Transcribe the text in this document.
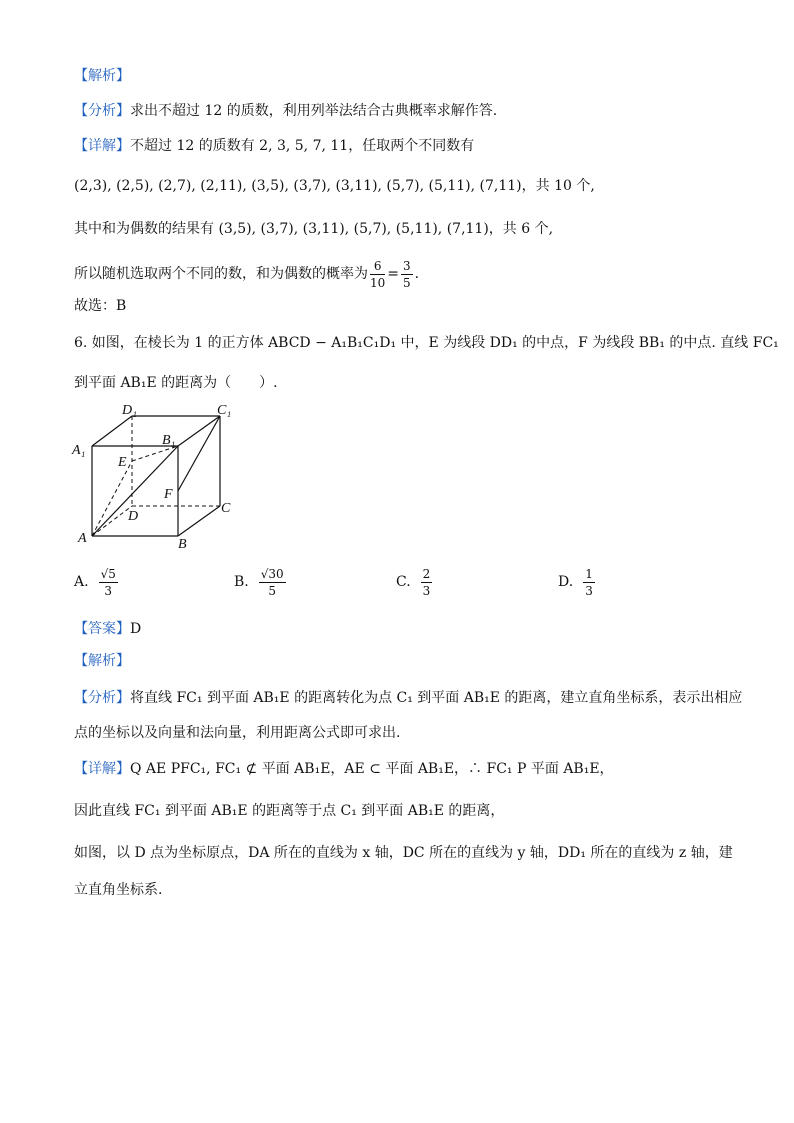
【解析】
【分析】求出不超过 12 的质数，利用列举法结合古典概率求解作答.
【详解】不超过 12 的质数有 2, 3, 5, 7, 11，任取两个不同数有
(2,3), (2,5), (2,7), (2,11), (3,5), (3,7), (3,11), (5,7), (5,11), (7,11)，共 10 个,
其中和为偶数的结果有 (3,5), (3,7), (3,11), (5,7), (5,11), (7,11)，共 6 个,
所以随机选取两个不同的数，和为偶数的概率为 $\frac{6}{10} = \frac{3}{5}$ .
故选：B
6. 如图，在棱长为 1 的正方体 ABCD − A₁B₁C₁D₁ 中，E 为线段 DD₁ 的中点，F 为线段 BB₁ 的中点. 直线 FC₁
到平面 AB₁E 的距离为（　　）.
D₁	C₁
A₁
B₁
E
F
D
C
A	B
A. $\frac{√5}{3}$	B. $\frac{√30}{5}$	C. $\frac{2}{3}$	D. $\frac{1}{3}$
【答案】D
【解析】
【分析】将直线 FC₁ 到平面 AB₁E 的距离转化为点 C₁ 到平面 AB₁E 的距离，建立直角坐标系，表示出相应
点的坐标以及向量和法向量，利用距离公式即可求出.
【详解】Q AE PFC₁, FC₁ ⊄ 平面 AB₁E，AE ⊂ 平面 AB₁E，∴ FC₁ P 平面 AB₁E，
因此直线 FC₁ 到平面 AB₁E 的距离等于点 C₁ 到平面 AB₁E 的距离，
如图，以 D 点为坐标原点，DA 所在的直线为 x 轴，DC 所在的直线为 y 轴，DD₁ 所在的直线为 z 轴，建
立直角坐标系.
